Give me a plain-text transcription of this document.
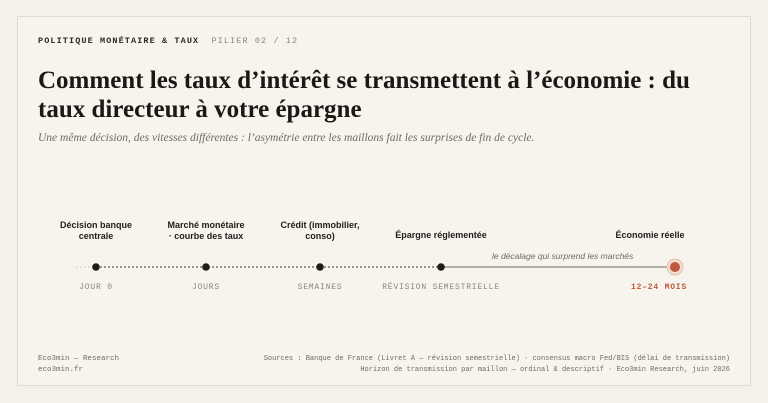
POLITIQUE MONÉTAIRE & TAUX PILIER 02 / 12
Comment les taux d’intérêt se transmettent à l’économie : du taux directeur à votre épargne

Une même décision, des vitesses différentes : l’asymétrie entre les maillons fait les surprises de fin de cycle.

Décision banque
centrale
Marché monétaire
· courbe des taux
Crédit (immobilier,
conso)	Épargne réglementée	Économie réelle
le décalage qui surprend les marchés
JOUR 0	JOURS	SEMAINES	RÉVISION SEMESTRIELLE	12–24 MOIS
Eco3min — Research
eco3min.fr
Sources : Banque de France (Livret A — révision semestrielle) · consensus macro Fed/BIS (délai de transmission)
Horizon de transmission par maillon — ordinal & descriptif · Eco3min Research, juin 2026
